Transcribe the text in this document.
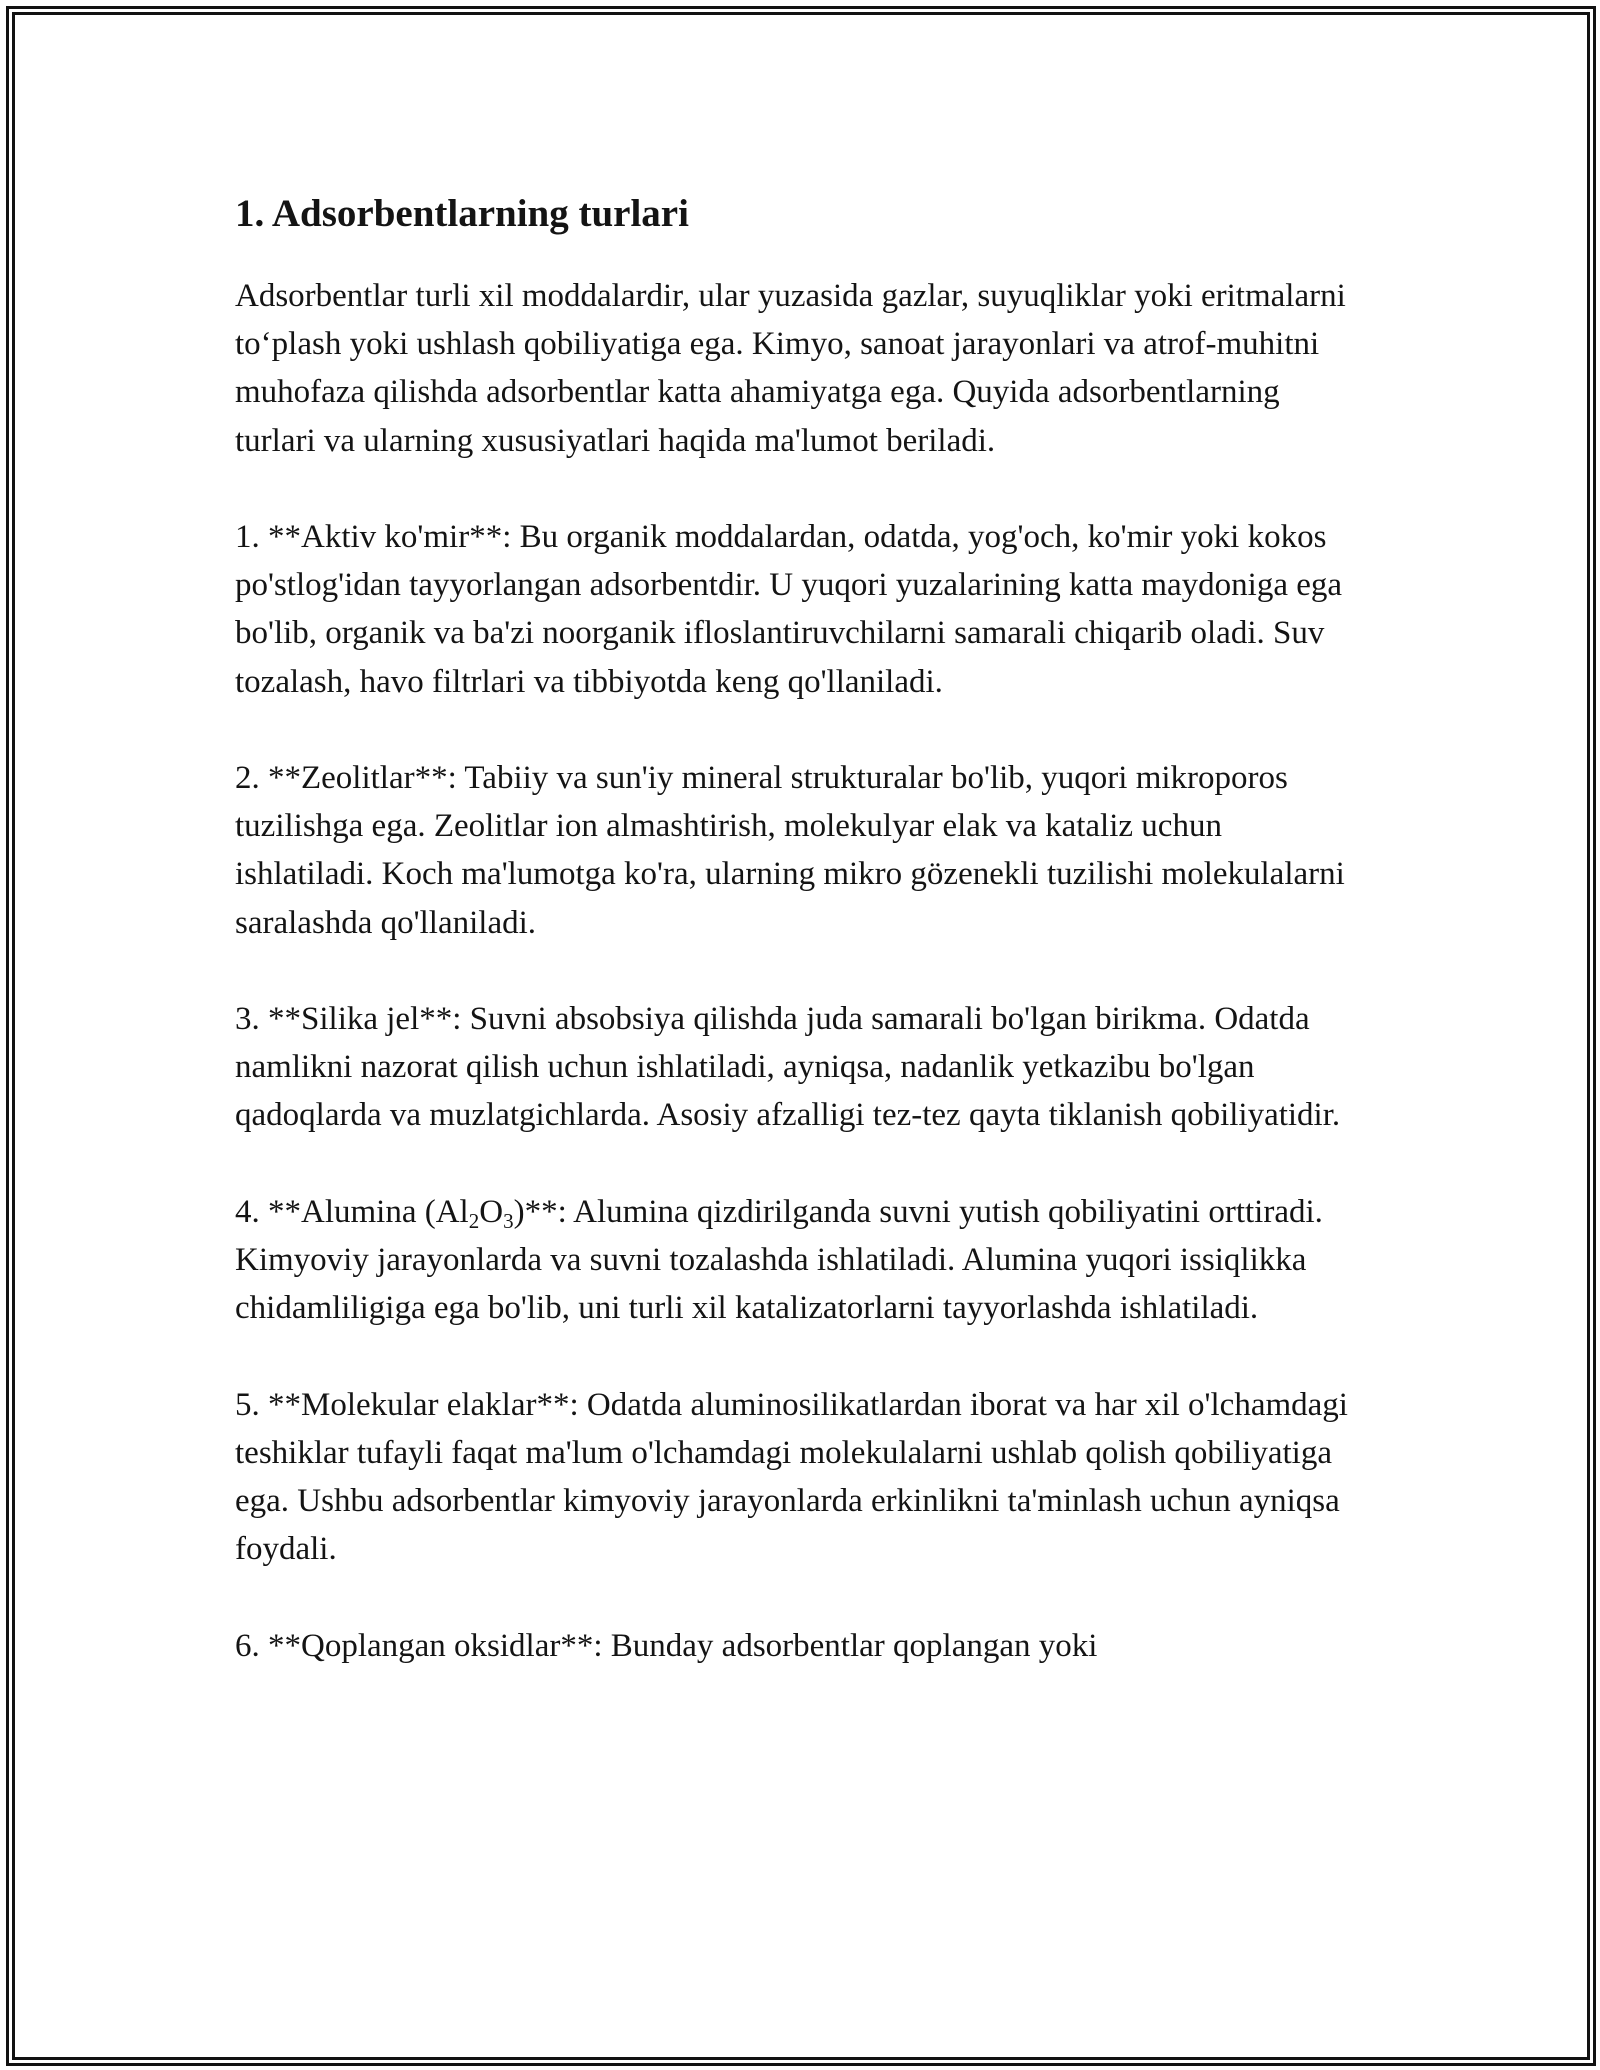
1. Adsorbentlarning turlari

Adsorbentlar turli xil moddalardir, ular yuzasida gazlar, suyuqliklar yoki eritmalarni to‘plash yoki ushlash qobiliyatiga ega. Kimyo, sanoat jarayonlari va atrof-muhitni muhofaza qilishda adsorbentlar katta ahamiyatga ega. Quyida adsorbentlarning turlari va ularning xususiyatlari haqida ma'lumot beriladi.

1. **Aktiv ko'mir**: Bu organik moddalardan, odatda, yog'och, ko'mir yoki kokos po'stlog'idan tayyorlangan adsorbentdir. U yuqori yuzalarining katta maydoniga ega bo'lib, organik va ba'zi noorganik ifloslantiruvchilarni samarali chiqarib oladi. Suv tozalash, havo filtrlari va tibbiyotda keng qo'llaniladi.

2. **Zeolitlar**: Tabiiy va sun'iy mineral strukturalar bo'lib, yuqori mikroporos tuzilishga ega. Zeolitlar ion almashtirish, molekulyar elak va kataliz uchun ishlatiladi. Koch ma'lumotga ko'ra, ularning mikro gözenekli tuzilishi molekulalarni saralashda qo'llaniladi.

3. **Silika jel**: Suvni absobsiya qilishda juda samarali bo'lgan birikma. Odatda namlikni nazorat qilish uchun ishlatiladi, ayniqsa, nadanlik yetkazibu bo'lgan qadoqlarda va muzlatgichlarda. Asosiy afzalligi tez-tez qayta tiklanish qobiliyatidir.

4. **Alumina $(Al_2O_3)**$: Alumina qizdirilganda suvni yutish qobiliyatini orttiradi. Kimyoviy jarayonlarda va suvni tozalashda ishlatiladi. Alumina yuqori issiqlikka chidamliligiga ega bo'lib, uni turli xil katalizatorlarni tayyorlashda ishlatiladi.

5. **Molekular elaklar**: Odatda aluminosilikatlardan iborat va har xil o'lchamdagi teshiklar tufayli faqat ma'lum o'lchamdagi molekulalarni ushlab qolish qobiliyatiga ega. Ushbu adsorbentlar kimyoviy jarayonlarda erkinlikni ta'minlash uchun ayniqsa foydali.

6. **Qoplangan oksidlar**: Bunday adsorbentlar qoplangan yoki
